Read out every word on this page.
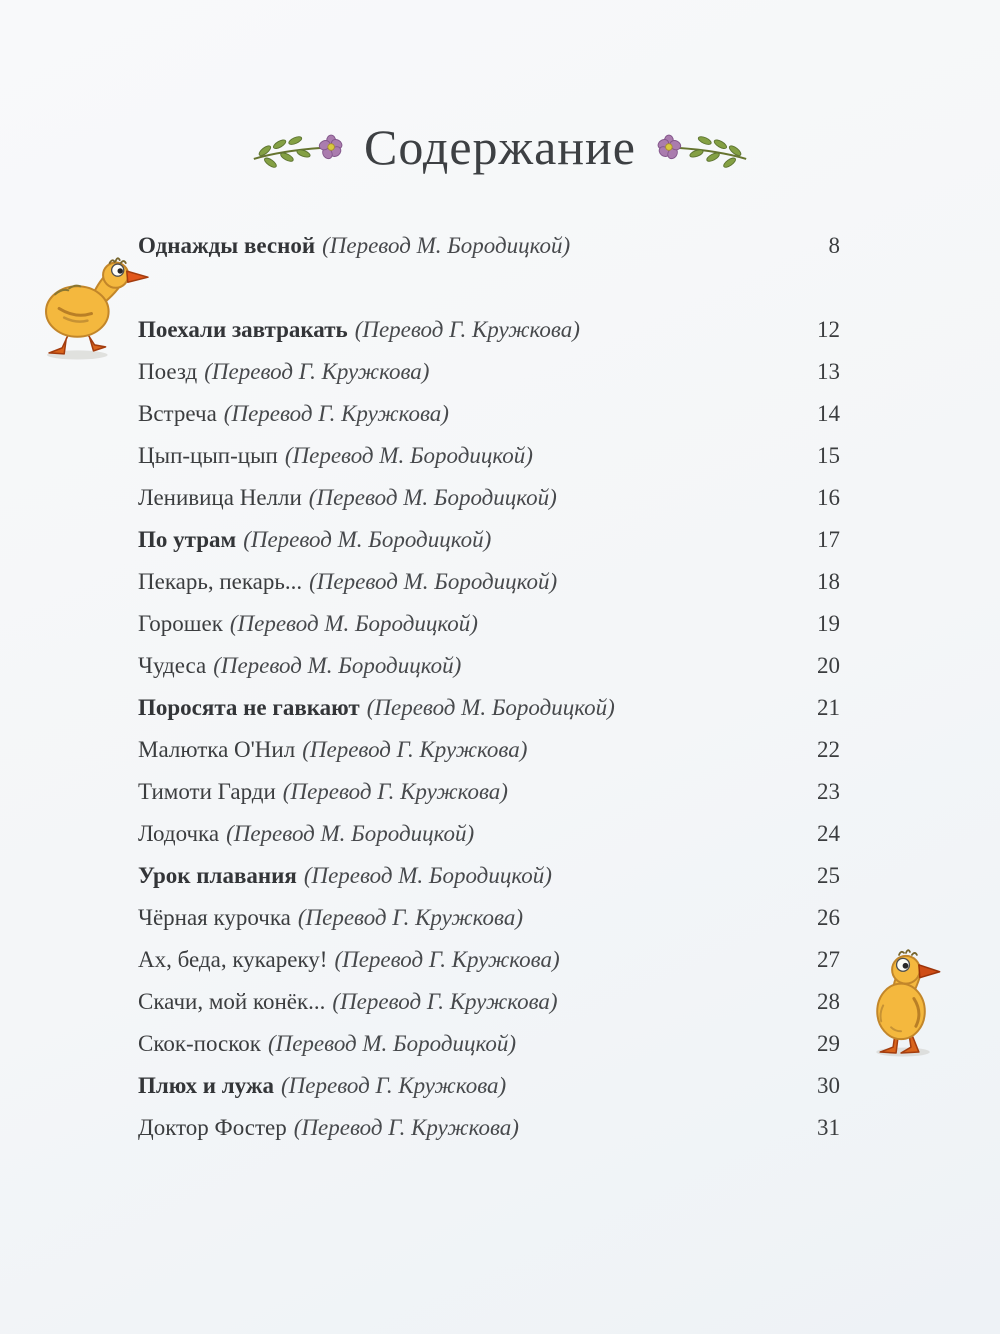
Содержание
Однажды весной (Перевод М. Бородицкой)	8
Поехали завтракать (Перевод Г. Кружкова)	12
Поезд (Перевод Г. Кружкова)	13
Встреча (Перевод Г. Кружкова)	14
Цып-цып-цып (Перевод М. Бородицкой)	15
Ленивица Нелли (Перевод М. Бородицкой)	16
По утрам (Перевод М. Бородицкой)	17
Пекарь, пекарь... (Перевод М. Бородицкой)	18
Горошек (Перевод М. Бородицкой)	19
Чудеса (Перевод М. Бородицкой)	20
Поросята не гавкают (Перевод М. Бородицкой)	21
Малютка О'Нил (Перевод Г. Кружкова)	22
Тимоти Гарди (Перевод Г. Кружкова)	23
Лодочка (Перевод М. Бородицкой)	24
Урок плавания (Перевод М. Бородицкой)	25
Чёрная курочка (Перевод Г. Кружкова)	26
Ах, беда, кукареку! (Перевод Г. Кружкова)	27
Скачи, мой конёк... (Перевод Г. Кружкова)	28
Скок-поскок (Перевод М. Бородицкой)	29
Плюх и лужа (Перевод Г. Кружкова)	30
Доктор Фостер (Перевод Г. Кружкова)	31
